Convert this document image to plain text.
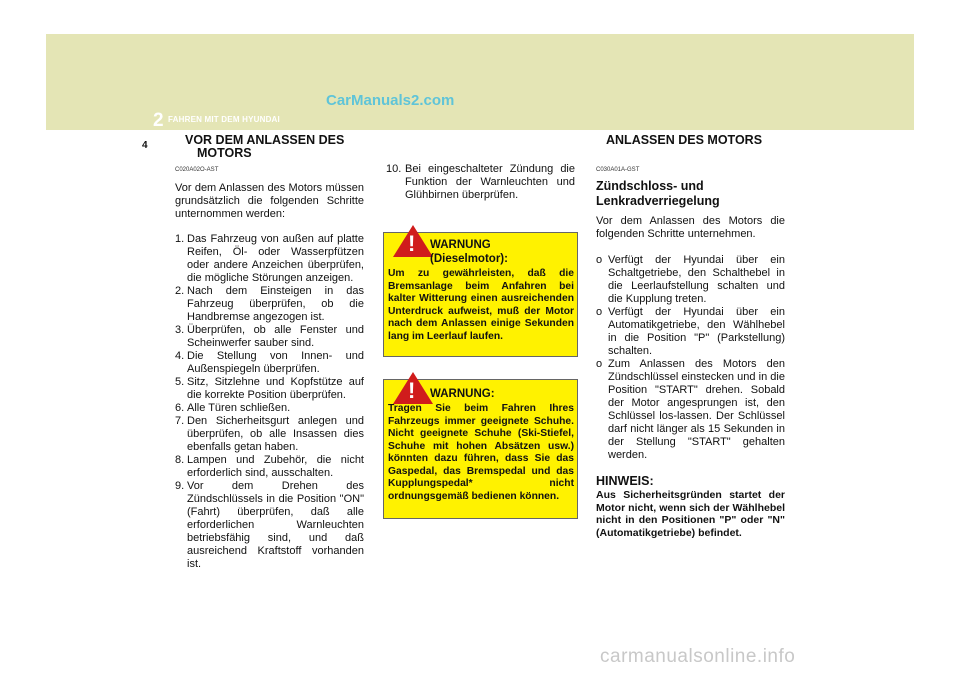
CarManuals2.com
2 FAHREN MIT DEM HYUNDAI
4	VOR DEM ANLASSEN DES
MOTORS
C020A02O-AST

Vor dem Anlassen des Motors müssen grundsätzlich die folgenden Schritte unternommen werden:

1. Das Fahrzeug von außen auf platte Reifen, Öl- oder Wasserpfützen oder andere Anzeichen überprüfen, die mögliche Störungen anzeigen.
2. Nach dem Einsteigen in das Fahrzeug überprüfen, ob die Handbremse angezogen ist.
3. Überprüfen, ob alle Fenster und Scheinwerfer sauber sind.
4. Die Stellung von Innen- und Außenspiegeln überprüfen.
5. Sitz, Sitzlehne und Kopfstütze auf die korrekte Position überprüfen.
6. Alle Türen schließen.
7. Den Sicherheitsgurt anlegen und überprüfen, ob alle Insassen dies ebenfalls getan haben.
8. Lampen und Zubehör, die nicht erforderlich sind, ausschalten.
9. Vor dem Drehen des Zündschlüssels in die Position "ON" (Fahrt) überprüfen, daß alle erforderlichen Warnleuchten betriebsfähig sind, und daß ausreichend Kraftstoff vorhanden ist.
10. Bei eingeschalteter Zündung die Funktion der Warnleuchten und Glühbirnen überprüfen.
! WARNUNG
(Dieselmotor):
Um zu gewährleisten, daß die Bremsanlage beim Anfahren bei kalter Witterung einen ausreichenden Unterdruck aufweist, muß der Motor nach dem Anlassen einige Sekunden lang im Leerlauf laufen.
! WARNUNG:
Tragen Sie beim Fahren Ihres Fahrzeugs immer geeignete Schuhe. Nicht geeignete Schuhe (Ski-Stiefel, Schuhe mit hohen Absätzen usw.) könnten dazu führen, dass Sie das Gaspedal, das Bremspedal und das Kupplungspedal* nicht ordnungsgemäß bedienen können.
ANLASSEN DES MOTORS
C030A01A-GST

Zündschloss- und

Lenkradverriegelung

Vor dem Anlassen des Motors die folgenden Schritte unternehmen.

o Verfügt der Hyundai über ein Schaltgetriebe, den Schalthebel in die Leerlaufstellung schalten und die Kupplung treten.
o Verfügt der Hyundai über ein Automatikgetriebe, den Wählhebel in die Position "P" (Parkstellung) schalten.
o Zum Anlassen des Motors den Zündschlüssel einstecken und in die Position "START" drehen. Sobald der Motor angesprungen ist, den Schlüssel los-lassen. Der Schlüssel darf nicht länger als 15 Sekunden in der Stellung "START" gehalten werden.

HINWEIS:

Aus Sicherheitsgründen startet der Motor nicht, wenn sich der Wählhebel nicht in den Positionen "P" oder "N" (Automatikgetriebe) befindet.

carmanualsonline.info
